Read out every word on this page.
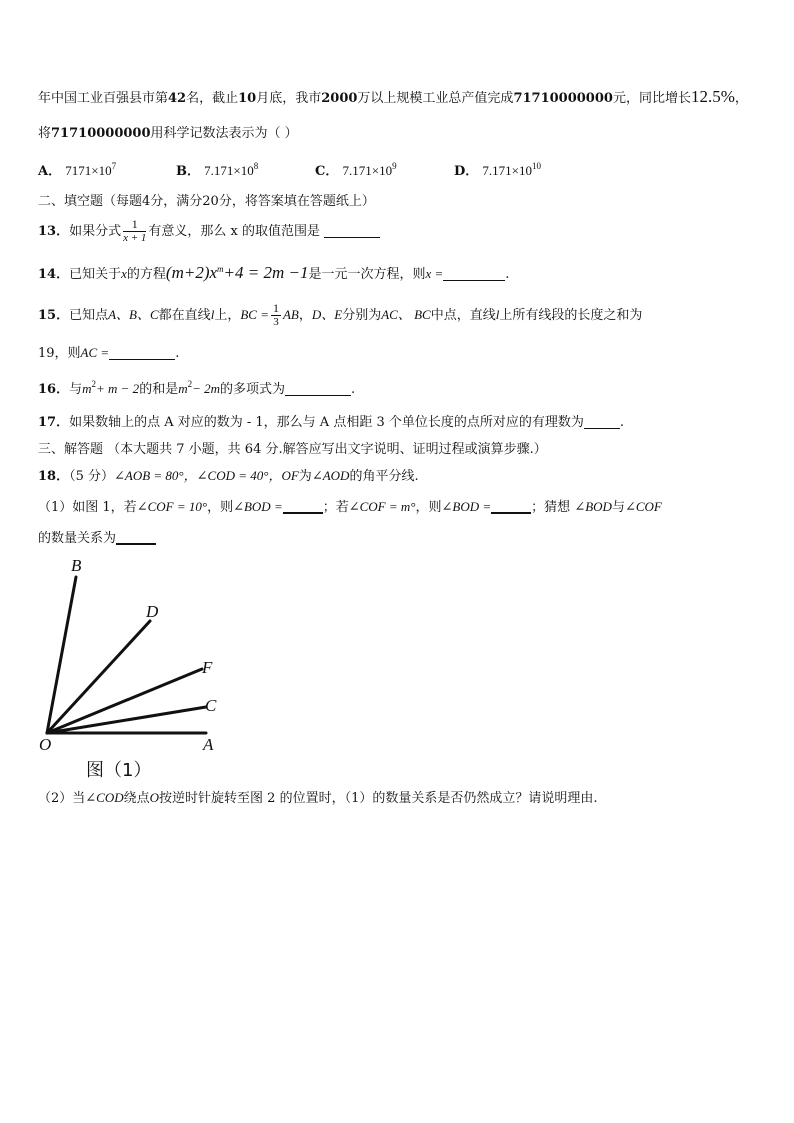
年中国工业百强县市第42名，截止10月底，我市2000万以上规模工业总产值完成71710000000元，同比增长12.5%，
将71710000000用科学记数法表示为（ ）
A． $7171\times 10^7$	B． $7.171\times 10^8$	C． $7.171\times 10^9$	D． $7.171\times 10^{10}$
二、填空题（每题4分，满分20分，将答案填在答题纸上）
13．如果分式 $\frac{1}{x + 1}$ 有意义，那么 x 的取值范围是
14．已知关于x的方程$(m+2)x^m+4 = 2m -1$是一元一次方程，则x =	.
15．已知点A、B、C都在直线l上，BC = $\frac{1}{3}$ AB，D、E分别为AC、 BC中点，直线l上所有线段的长度之和为
19，则AC =	.
16．与$m^2+ m - 2$的和是$m^2- 2m$的多项式为	.
17．如果数轴上的点 A 对应的数为 - 1，那么与 A 点相距 3 个单位长度的点所对应的有理数为	.
三、解答题 （本大题共 7 小题，共 64 分.解答应写出文字说明、证明过程或演算步骤.）
18．（5 分）∠AOB = 80°，∠COD = 40°，OF为∠AOD的角平分线.
（1）如图 1，若∠COF = 10°，则∠BOD =	；若∠COF = m°，则∠BOD =	；猜想 ∠BOD与∠COF
的数量关系为
B
D
F
C
O	A
图（1）
（2）当∠COD绕点O按逆时针旋转至图 2 的位置时，（1）的数量关系是否仍然成立？请说明理由.
